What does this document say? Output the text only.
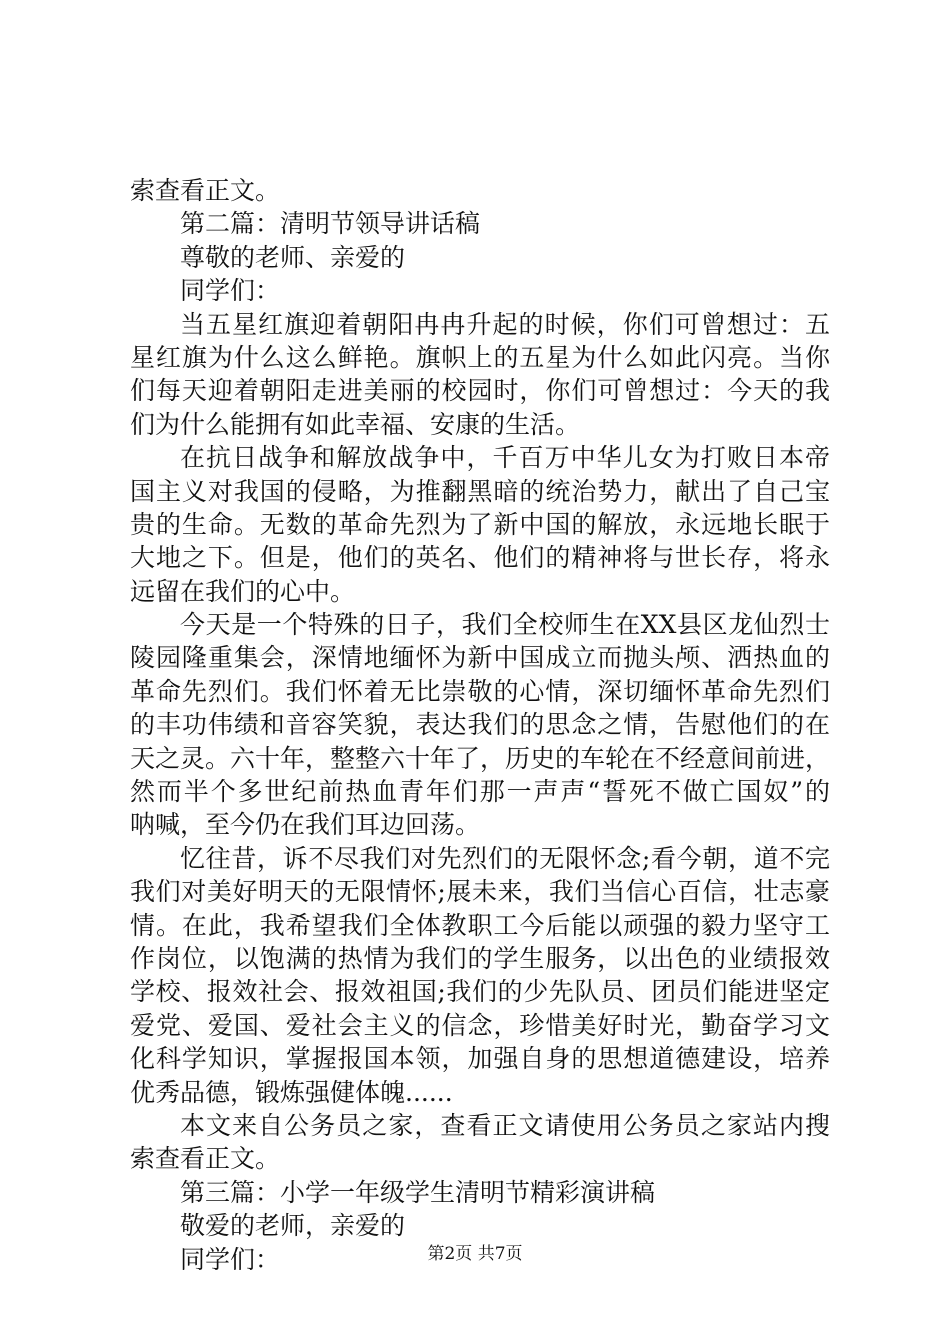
索查看正文。
第二篇：清明节领导讲话稿
尊敬的老师、亲爱的
同学们：
当五星红旗迎着朝阳冉冉升起的时候，你们可曾想过：五
星红旗为什么这么鲜艳。旗帜上的五星为什么如此闪亮。当你
们每天迎着朝阳走进美丽的校园时，你们可曾想过：今天的我
们为什么能拥有如此幸福、安康的生活。
在抗日战争和解放战争中，千百万中华儿女为打败日本帝
国主义对我国的侵略，为推翻黑暗的统治势力，献出了自己宝
贵的生命。无数的革命先烈为了新中国的解放，永远地长眠于
大地之下。但是，他们的英名、他们的精神将与世长存，将永
远留在我们的心中。
今天是一个特殊的日子，我们全校师生在XX县区龙仙烈士
陵园隆重集会，深情地缅怀为新中国成立而抛头颅、洒热血的
革命先烈们。我们怀着无比崇敬的心情，深切缅怀革命先烈们
的丰功伟绩和音容笑貌，表达我们的思念之情，告慰他们的在
天之灵。六十年，整整六十年了，历史的车轮在不经意间前进，
然而半个多世纪前热血青年们那一声声“誓死不做亡国奴”的
呐喊，至今仍在我们耳边回荡。
忆往昔，诉不尽我们对先烈们的无限怀念;看今朝，道不完
我们对美好明天的无限情怀;展未来，我们当信心百信，壮志豪
情。在此，我希望我们全体教职工今后能以顽强的毅力坚守工
作岗位，以饱满的热情为我们的学生服务，以出色的业绩报效
学校、报效社会、报效祖国;我们的少先队员、团员们能进坚定
爱党、爱国、爱社会主义的信念，珍惜美好时光，勤奋学习文
化科学知识，掌握报国本领，加强自身的思想道德建设，培养
优秀品德，锻炼强健体魄......
本文来自公务员之家，查看正文请使用公务员之家站内搜
索查看正文。
第三篇：小学一年级学生清明节精彩演讲稿
敬爱的老师，亲爱的
同学们：	第2页 共7页
